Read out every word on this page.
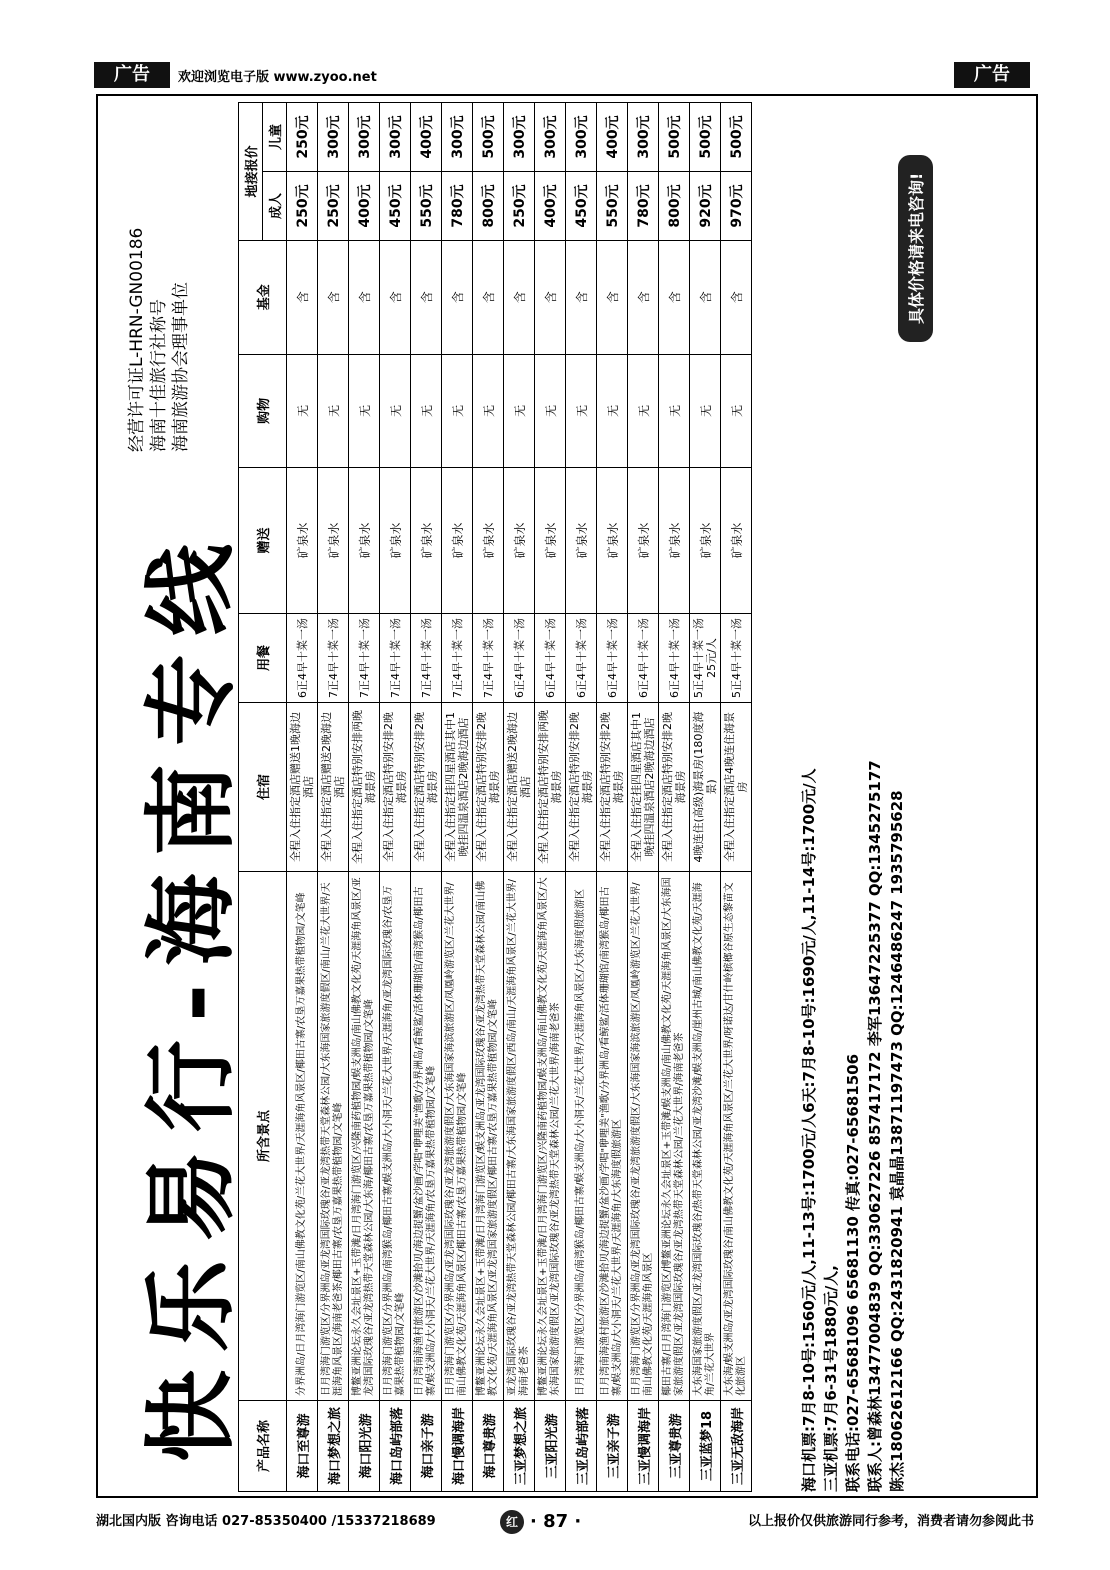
广告	欢迎浏览电子版 www.zyoo.net	广告
快乐易行-海南专线
经营许可证L-HRN-GN00186 海南十佳旅行社称号 海南旅游协会理事单位
产品名称	所含景点	住宿	用餐	赠送	购物	基金	地接报价	
							成人	儿童
海口至尊游	分界洲岛/日月湾海门游览区/南山佛教文化苑/兰花大世界/天涯海角风景区/椰田古寨/农垦万嘉果热带植物园/文笔峰	全程入住指定酒店赠送1晚海边酒店	6正4早十菜一汤	矿泉水	无	含	250元	250元
海口梦想之旅	日月湾海门游览区/分界洲岛/亚龙湾国际玫瑰谷/亚龙湾热带天堂森林公园/大东海国家旅游度假区/南山/兰花大世界/天涯海角风景区/海南老爸茶/椰田古寨/农垦万嘉果热带植物园/文笔峰	全程入住指定酒店赠送2晚海边酒店	7正4早十菜一汤	矿泉水	无	含	250元	300元
海口阳光游	博鳌亚洲论坛永久会址景区+玉带滩/日月湾海门游览区/兴隆南药植物园/蜈支洲岛/南山佛教文化苑/天涯海角风景区/亚龙湾国际玫瑰谷/亚龙湾热带天堂森林公园/大东海/椰田古寨/农垦万嘉果热带植物园/文笔峰	全程入住指定酒店特别安排两晚海景房	7正4早十菜一汤	矿泉水	无	含	400元	300元
海口岛屿部落	日月湾海门游览区/分界洲岛/南湾猴岛/椰田古寨/蜈支洲岛/大小洞天/兰花大世界/天涯海角/亚龙湾国际玫瑰谷/农垦万嘉果热带植物园/文笔峰	全程入住指定酒店特别安排2晚海景房	7正4早十菜一汤	矿泉水	无	含	450元	300元
海口亲子游	日月湾南海渔村旅游区/沙滩拾贝/海边捉蟹/盆沙画/学唱"咿哩美"渔歌/分界洲岛/看鲸鲨/活体珊瑚馆/南湾猴岛/椰田古寨/蜈支洲岛/大小洞天/兰花大世界/天涯海角/农垦万嘉果热带植物园/文笔峰	全程入住指定酒店特别安排2晚海景房	7正4早十菜一汤	矿泉水	无	含	550元	400元
海口慢调海岸	日月湾海门游览区/分界洲岛/亚龙湾国际玫瑰谷/亚龙湾旅游度假区/大东海国家海滨旅游区/凤凰岭游览区/兰花大世界/南山佛教文化苑/天涯海角风景区/椰田古寨/农垦万嘉果热带植物园/文笔峰	全程入住指定挂四星酒店其中1晚挂四温泉酒店2晚海边酒店	7正4早十菜一汤	矿泉水	无	含	780元	300元
海口尊贵游	博鳌亚洲论坛永久会址景区+玉带滩/日月湾海门游览区/蜈支洲岛/亚龙湾国际玫瑰谷/亚龙湾热带天堂森林公园/南山佛教文化苑/天涯海角风景区/亚龙湾国家旅游度假区/椰田古寨/农垦万嘉果热带植物园/文笔峰	全程入住指定酒店特别安排2晚海景房	7正4早十菜一汤	矿泉水	无	含	800元	500元
三亚梦想之旅	亚龙湾国际玫瑰谷/亚龙湾热带天堂森林公园/椰田古寨/大东海国家旅游度假区/西岛/南山/天涯海角风景区/兰花大世界/海南老爸茶	全程入住指定酒店赠送2晚海边酒店	6正4早十菜一汤	矿泉水	无	含	250元	300元
三亚阳光游	博鳌亚洲论坛永久会址景区+玉带滩/日月湾海门游览区/兴隆南药植物园/蜈支洲岛/南山佛教文化苑/天涯海角风景区/大东海国家旅游度假区/亚龙湾国际玫瑰谷/亚龙湾热带天堂森林公园/兰花大世界/海南老爸茶	全程入住指定酒店特别安排两晚海景房	6正4早十菜一汤	矿泉水	无	含	400元	300元
三亚岛屿部落	日月湾海门游览区/分界洲岛/南湾猴岛/椰田古寨/蜈支洲岛/大小洞天/兰花大世界/天涯海角风景区/大东海度假旅游区	全程入住指定酒店特别安排2晚海景房	6正4早十菜一汤	矿泉水	无	含	450元	300元
三亚亲子游	日月湾南海渔村旅游区/沙滩拾贝/海边捉蟹/盆沙画/学唱"咿哩美"渔歌/分界洲岛/看鲸鲨/活体珊瑚馆/南湾猴岛/椰田古寨/蜈支洲岛/大小洞天/兰花大世界/天涯海角/大东海度假旅游区	全程入住指定酒店特别安排2晚海景房	6正4早十菜一汤	矿泉水	无	含	550元	400元
三亚慢调海岸	日月湾海门游览区/分界洲岛/亚龙湾国际玫瑰谷/亚龙湾旅游度假区/大东海国家海滨旅游区/凤凰岭游览区/兰花大世界/南山佛教文化苑/天涯海角风景区	全程入住指定挂四星酒店其中1晚挂四温泉酒店2晚海边酒店	6正4早十菜一汤	矿泉水	无	含	780元	300元
三亚尊贵游	椰田古寨/日月湾海门游览区/博鳌亚洲论坛永久会址景区+玉带滩/蜈支洲岛/南山佛教文化苑/天涯海角风景区/大东海国家旅游度假区/亚龙湾国际玫瑰谷/亚龙湾热带天堂森林公园/兰花大世界/海南老爸茶	全程入住指定酒店特别安排2晚海景房	6正4早十菜一汤	矿泉水	无	含	800元	500元
三亚蓝梦18	大东海国家旅游度假区/亚龙湾国际玫瑰谷/热带天堂森林公园/亚龙湾沙滩/蜈支洲岛/崖州古城/南山佛教文化苑/天涯海角/兰花大世界	4晚连住(高级)海景房(180度海景)	5正4早十菜一汤25元/人	矿泉水	无	含	920元	500元
三亚无敌海岸	大东海/蜈支洲岛/亚龙湾国际玫瑰谷/南山佛教文化苑/天涯海角风景区/兰花大世界/呀诺达/甘什岭槟榔谷原生态黎苗文化旅游区	全程入住指定酒店4晚连住海景房	5正4早十菜一汤	矿泉水	无	含	970元	500元
海口机票:7月8-10号:1560元/人,11-13号:1700元/人6天:7月8-10号:1690元/人,11-14号:1700元/人 三亚机票:7月6-31号1880元/人, 联系电话:027-65681096 65681130 传真:027-65681506 联系人:曾森林13477004839 QQ:330627226 857417172 李军13647225377 QQ:1345275177 陈杰18062612166 QQ:2431820941 袁晶晶13871197473 QQ:1246486247 1935795628
具体价格请来电咨询!
湖北国内版 咨询电话 027-85350400 /15337218689	红 · 87 ·	以上报价仅供旅游同行参考，消费者请勿参阅此书
